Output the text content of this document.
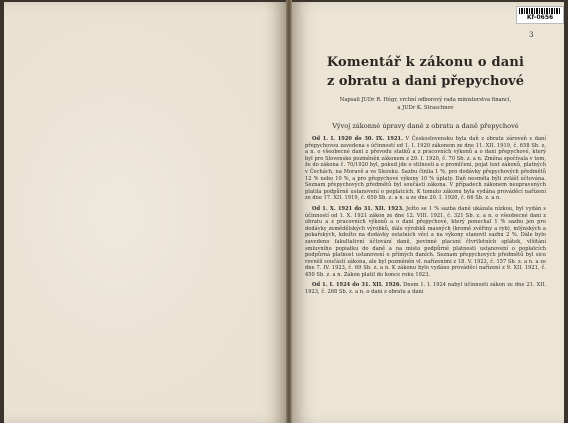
Kf-0656
3

Komentář k zákonu o dani

z obratu a dani přepychové

Napsali JUDr R. Hégr, vrchní odborový rada ministerstva financí,
a JUDr K. Straschnov
Vývoj zákonné úpravy daně z obratu a daně přepychové

Od 1. I. 1920 do 30. IX. 1921. V Československu byla daň z obratu zároveň s daní přepychovou zavedena s účinností od 1. I. 1920 zákonem ze dne 11. XII. 1919, č. 658 Sb. z. a n. o všeobecné dani z převodu statků a z pracovních výkonů a o dani přepychové, který byl pro Slovensko pozměněn zákonem z 29. I. 1920, č. 70 Sb. z. a n. Změna spočívala v tom, že do zákona č. 70/1920 byl, pokud jde o stilnosti a o promlčení, pojat text zákonů, platných v Čechách, na Moravě a ve Slezsku. Sazbu činila 1 %, pro dodávky přepychových předmětů 12 % nebo 10 %, a pro přepychové výkony 10 % úplaty. Daň nesměla býti zvlášť účtována. Seznam přepychových předmětů byl součástí zákona. V případech zákonem neupravených platila podpůrně ustanovení o poplatcích. K tomuto zákonu byla vydána prováděcí nařízení ze dne 17. XII. 1919, č. 659 Sb. z. a n. a ze dne 20. I. 1920, č. 66 Sb. z. a n.

Od 1. X. 1921 do 31. XII. 1923. Ježto se 1 % sazba daně ukázala nízkou, byl vydán s účinností od 1. X. 1921 zákon ze dne 12. VIII. 1921, č. 321 Sb. z. a n. o všeobecné dani z obratu a z pracovních výkonů a o dani přepychové, který ponechal 1 % sazbu jen pro dodávky zemědělských výrobků, dále výrobků masných (kromě zvěřiny a ryb), mlýnských a pekařských, kdežto na dodávky ostatních věcí a na výkony stanovil sazbu 2 %. Dále bylo zavedeno fakultativní účtování daně, povinné placení čtvrtletních splátek, vlšitání smluvního popiatku do daně a na místo podpůrné platnosti ustanovení o poplatcích podpůrná platnost ustanovení o přímých daních. Seznam přepychových předmětů byl sice rovněž součástí zákona, ale byl pozměněn vl. nařízeními z 18. V. 1922, č. 157 Sb. z. a n. a ze dne 7. IV. 1923, č. 69 Sb. z. a n. K zákonu bylo vydáno prováděcí nařízení z 9. XII. 1921, č. 450 Sb. z. a n. Zákon platil do konce roku 1923.

Od 1. I. 1924 do 31. XII. 1926. Dnem 1. I. 1924 nabyl účinnosti zákon ze dne 21. XII. 1923, č. 268 Sb. z. a n. o dani z obratu a dani
